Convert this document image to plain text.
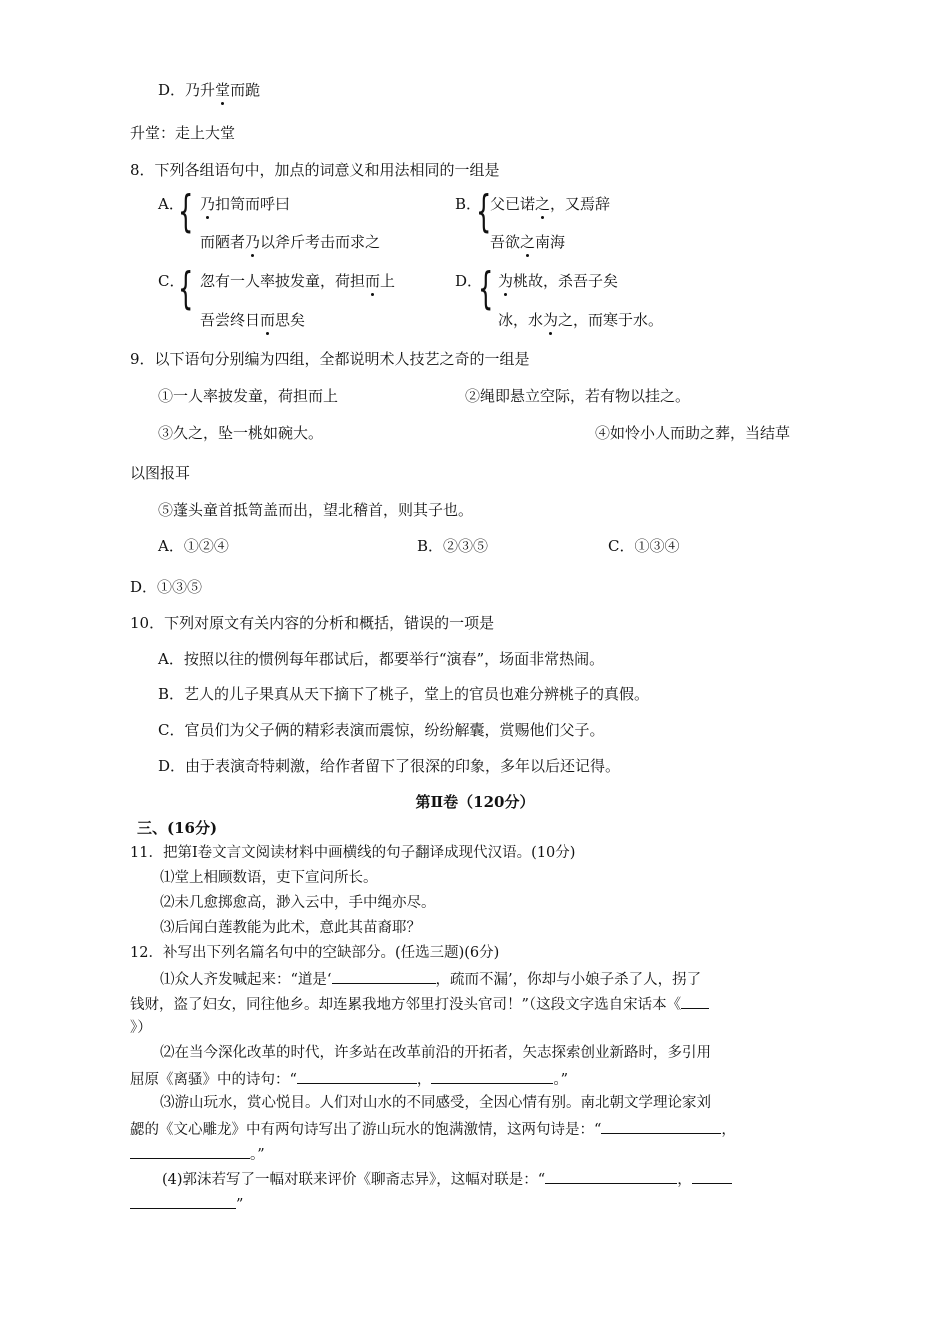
D．乃升堂而跪
升堂：走上大堂
8．下列各组语句中，加点的词意义和用法相同的一组是
A．
{ 乃扣笥而呼曰
而陋者乃以斧斤考击而求之
B．
{
父已诺之，又焉辞
吾欲之南海
C．
{ 忽有一人率披发童，荷担而上
吾尝终日而思矣
D．
{ 为桃故，杀吾子矣
冰，水为之，而寒于水。
9．以下语句分别编为四组，全都说明术人技艺之奇的一组是
①一人率披发童，荷担而上	②绳即悬立空际，若有物以挂之。
③久之，坠一桃如碗大。	④如怜小人而助之葬，当结草
以图报耳
⑤蓬头童首抵笥盖而出，望北稽首，则其子也。
A．①②④	B．②③⑤	C．①③④
D．①③⑤
10．下列对原文有关内容的分析和概括，错误的一项是
A．按照以往的惯例每年郡试后，都要举行“演春”，场面非常热闹。
B．艺人的儿子果真从天下摘下了桃子，堂上的官员也难分辨桃子的真假。
C．官员们为父子俩的精彩表演而震惊，纷纷解囊，赏赐他们父子。
D．由于表演奇特刺激，给作者留下了很深的印象，多年以后还记得。
第Ⅱ卷（120分）
三、(16分)
11．把第Ⅰ卷文言文阅读材料中画横线的句子翻译成现代汉语。(10分)
⑴堂上相顾数语，吏下宣问所长。
⑵未几愈掷愈高，渺入云中，手中绳亦尽。
⑶后闻白莲教能为此术，意此其苗裔耶？
12．补写出下列名篇名句中的空缺部分。(任选三题)(6分)
⑴众人齐发喊起来：“道是‘	，疏而不漏’，你却与小娘子杀了人，拐了
钱财，盗了妇女，同往他乡。却连累我地方邻里打没头官司！”（这段文字选自宋话本《
》）
⑵在当今深化改革的时代，许多站在改革前沿的开拓者，矢志探索创业新路时，多引用
屈原《离骚》中的诗句：“	，	。”
⑶游山玩水，赏心悦目。人们对山水的不同感受，全因心情有别。南北朝文学理论家刘
勰的《文心雕龙》中有两句诗写出了游山玩水的饱满激情，这两句诗是：“	，
。”
(4)郭沫若写了一幅对联来评价《聊斋志异》，这幅对联是：“	，
”
